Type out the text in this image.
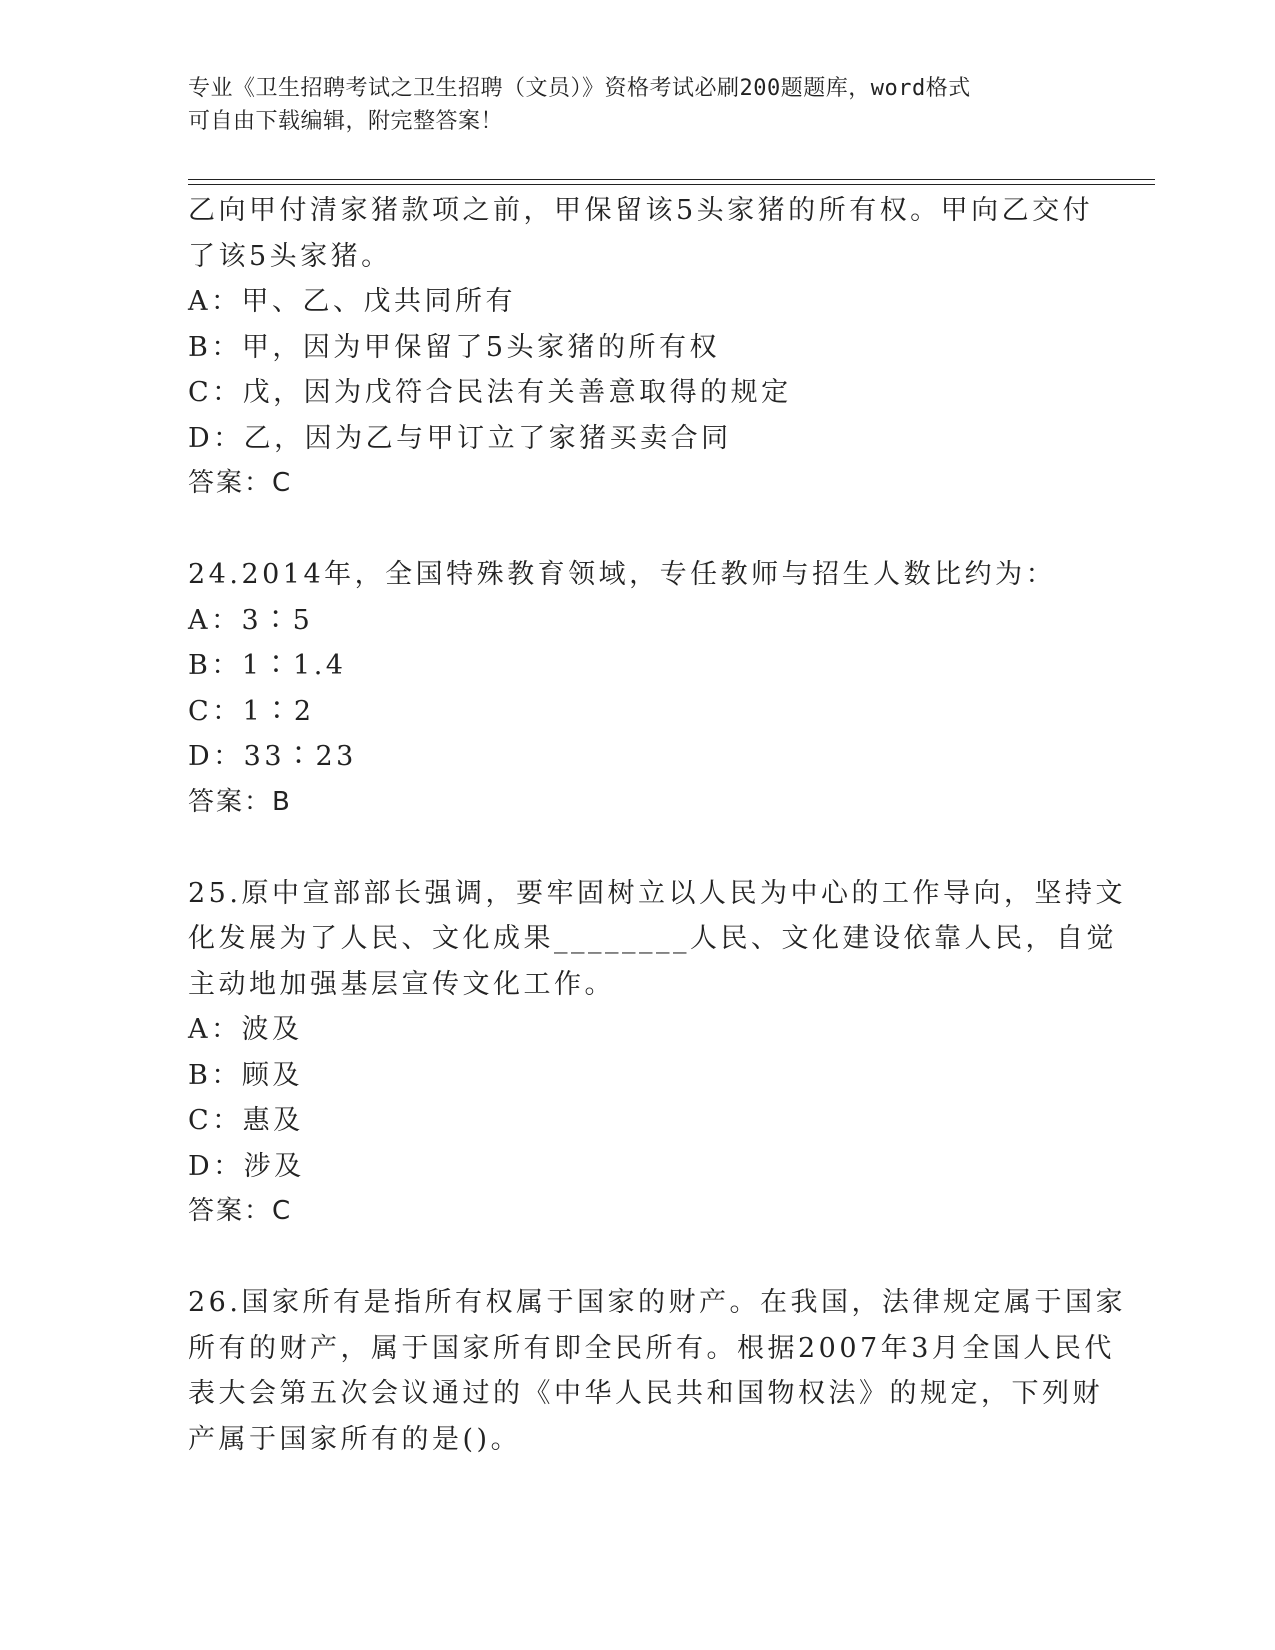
专业《卫生招聘考试之卫生招聘（文员）》资格考试必刷200题题库，word格式
可自由下载编辑，附完整答案！
乙向甲付清家猪款项之前，甲保留该5头家猪的所有权。甲向乙交付
了该5头家猪。
A：甲、乙、戊共同所有
B：甲，因为甲保留了5头家猪的所有权
C：戊，因为戊符合民法有关善意取得的规定
D：乙，因为乙与甲订立了家猪买卖合同
答案：C
24.2014年，全国特殊教育领域，专任教师与招生人数比约为：
A：3∶5
B：1∶1.4
C：1∶2
D：33∶23
答案：B
25.原中宣部部长强调，要牢固树立以人民为中心的工作导向，坚持文
化发展为了人民、文化成果________人民、文化建设依靠人民，自觉
主动地加强基层宣传文化工作。
A：波及
B：顾及
C：惠及
D：涉及
答案：C
26.国家所有是指所有权属于国家的财产。在我国，法律规定属于国家
所有的财产，属于国家所有即全民所有。根据2007年3月全国人民代
表大会第五次会议通过的《中华人民共和国物权法》的规定，下列财
产属于国家所有的是()。
